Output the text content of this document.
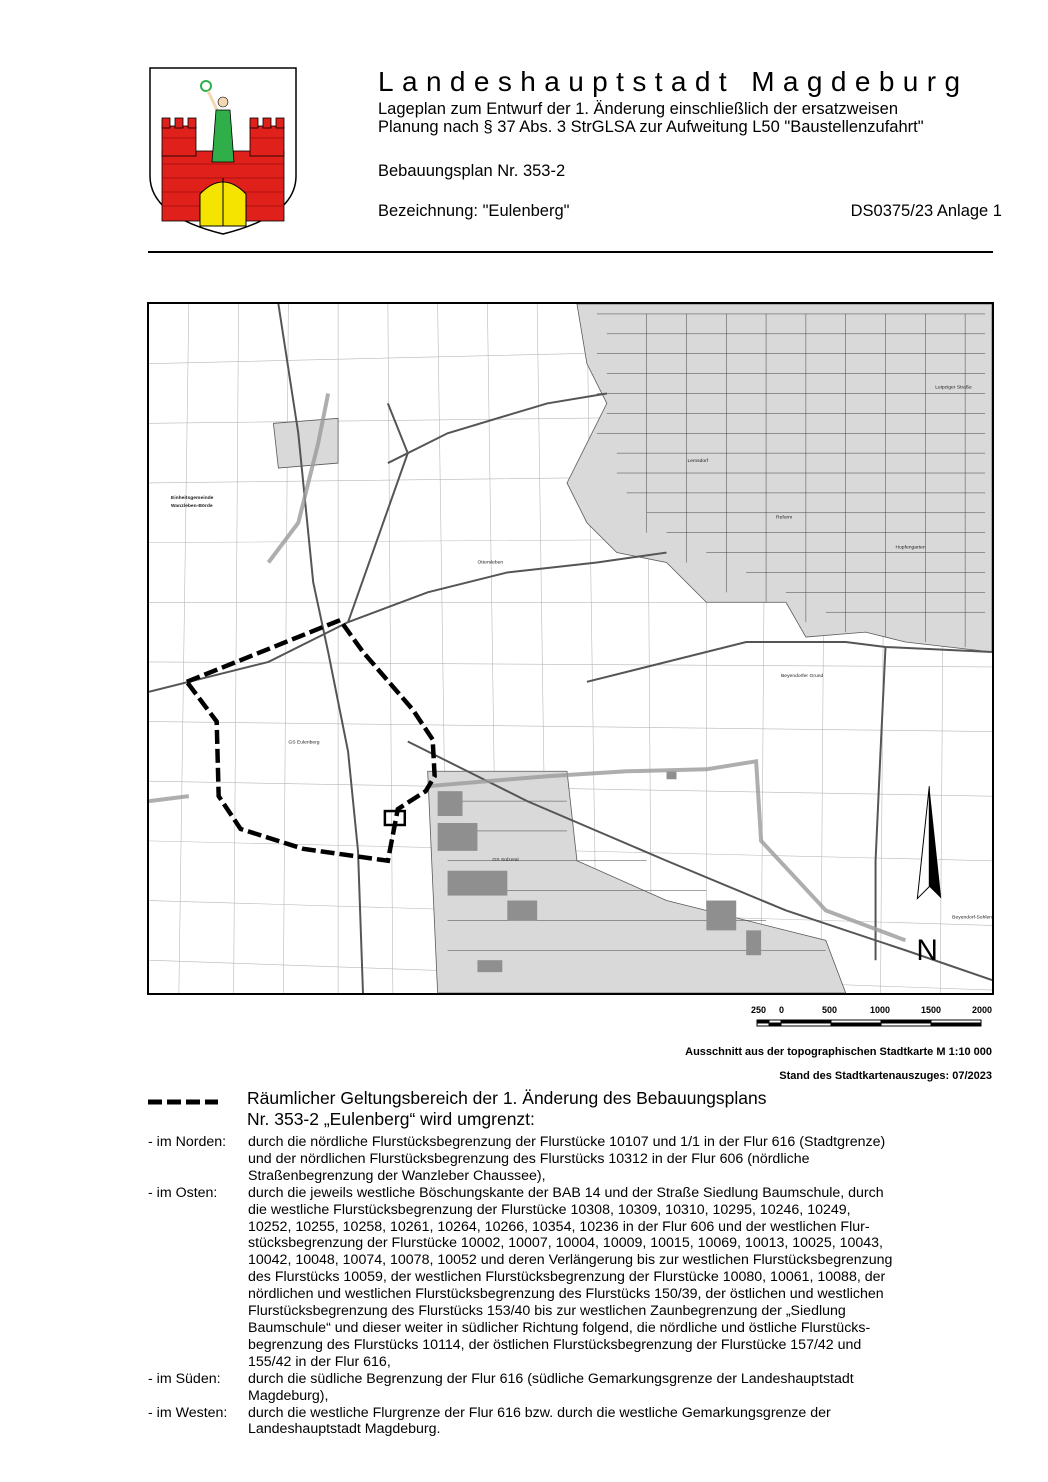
Landeshauptstadt Magdeburg
Lageplan zum Entwurf der 1. Änderung einschließlich der ersatzweisen
Planung nach § 37 Abs. 3 StrGLSA zur Aufweitung L50 "Baustellenzufahrt"
Bebauungsplan Nr. 353-2
Bezeichnung: "Eulenberg"	DS0375/23 Anlage 1
N
Einheitsgemeinde
Wanzleben-Börde
Ottersleben
Lemsdorf
Reform
Hopfengarten
Leipziger Straße
Beyendorfer Grund
GS Eulenberg
GS Sülzetal
Beyendorf-Sohlen
250 0	500	1000	1500	2000
Ausschnitt aus der topographischen Stadtkarte M 1:10 000
Stand des Stadtkartenauszuges: 07/2023
Räumlicher Geltungsbereich der 1. Änderung des Bebauungsplans
Nr. 353-2 „Eulenberg“ wird umgrenzt:
- im Norden:	durch die nördliche Flurstücksbegrenzung der Flurstücke 10107 und 1/1 in der Flur 616 (Stadtgrenze)
und der nördlichen Flurstücksbegrenzung des Flurstücks 10312 in der Flur 606 (nördliche
Straßenbegrenzung der Wanzleber Chaussee),
- im Osten:	durch die jeweils westliche Böschungskante der BAB 14 und der Straße Siedlung Baumschule, durch
die westliche Flurstücksbegrenzung der Flurstücke 10308, 10309, 10310, 10295, 10246, 10249,
10252, 10255, 10258, 10261, 10264, 10266, 10354, 10236 in der Flur 606 und der westlichen Flur-
stücksbegrenzung der Flurstücke 10002, 10007, 10004, 10009, 10015, 10069, 10013, 10025, 10043,
10042, 10048, 10074, 10078, 10052 und deren Verlängerung bis zur westlichen Flurstücksbegrenzung
des Flurstücks 10059, der westlichen Flurstücksbegrenzung der Flurstücke 10080, 10061, 10088, der
nördlichen und westlichen Flurstücksbegrenzung des Flurstücks 150/39, der östlichen und westlichen
Flurstücksbegrenzung des Flurstücks 153/40 bis zur westlichen Zaunbegrenzung der „Siedlung
Baumschule“ und dieser weiter in südlicher Richtung folgend, die nördliche und östliche Flurstücks-
begrenzung des Flurstücks 10114, der östlichen Flurstücksbegrenzung der Flurstücke 157/42 und
155/42 in der Flur 616,
- im Süden:	durch die südliche Begrenzung der Flur 616 (südliche Gemarkungsgrenze der Landeshauptstadt
Magdeburg),
- im Westen:	durch die westliche Flurgrenze der Flur 616 bzw. durch die westliche Gemarkungsgrenze der
Landeshauptstadt Magdeburg.
